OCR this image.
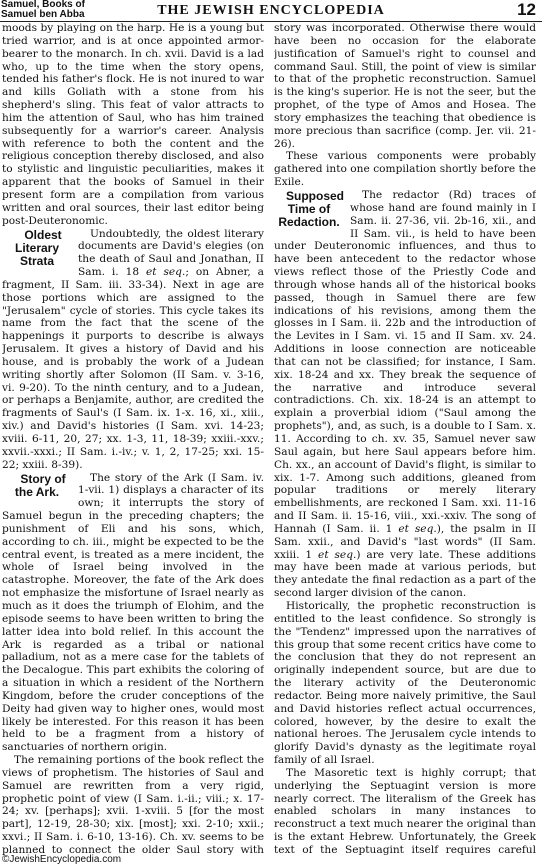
Samuel, Books of
Samuel ben Abba	THE JEWISH ENCYCLOPEDIA	12

moods by playing on the harp. He is a young but tried warrior, and is at once appointed armor-bearer to the monarch. In ch. xvii. David is a lad who, up to the time when the story opens, tended his father's flock. He is not inured to war and kills Goliath with a stone from his shepherd's sling. This feat of valor attracts to him the attention of Saul, who has him trained subsequently for a warrior's career. Analysis with reference to both the content and the religious conception thereby disclosed, and also to stylistic and linguistic peculiarities, makes it apparent that the books of Samuel in their present form are a compilation from various written and oral sources, their last editor being post-Deuteronomic.

Oldest Literary Strata
Undoubtedly, the oldest literary documents are David's elegies (on the death of Saul and Jonathan, II Sam. i. 18 et seq.; on Abner, a fragment, II Sam. iii. 33-34). Next in age are those portions which are assigned to the "Jerusalem" cycle of stories. This cycle takes its name from the fact that the scene of the happenings it purports to describe is always Jerusalem. It gives a history of David and his house, and is probably the work of a Judean writing shortly after Solomon (II Sam. v. 3-16, vi. 9-20). To the ninth century, and to a Judean, or perhaps a Benjamite, author, are credited the fragments of Saul's (I Sam. ix. 1-x. 16, xi., xiii., xiv.) and David's histories (I Sam. xvi. 14-23; xviii. 6-11, 20, 27; xx. 1-3, 11, 18-39; xxiii.-xxv.; xxvii.-xxxi.; II Sam. i.-iv.; v. 1, 2, 17-25; xxi. 15-22; xxiii. 8-39).

Story of the Ark.
The story of the Ark (I Sam. iv. 1-vii. 1) displays a character of its own; it interrupts the story of Samuel begun in the preceding chapters; the punishment of Eli and his sons, which, according to ch. iii., might be expected to be the central event, is treated as a mere incident, the whole of Israel being involved in the catastrophe. Moreover, the fate of the Ark does not emphasize the misfortune of Israel nearly as much as it does the triumph of Elohim, and the episode seems to have been written to bring the latter idea into bold relief. In this account the Ark is regarded as a tribal or national palladium, not as a mere case for the tablets of the Decalogue. This part exhibits the coloring of a situation in which a resident of the Northern Kingdom, before the cruder conceptions of the Deity had given way to higher ones, would most likely be interested. For this reason it has been held to be a fragment from a history of sanctuaries of northern origin.

The remaining portions of the book reflect the views of prophetism. The histories of Saul and Samuel are rewritten from a very rigid, prophetic point of view (I Sam. i.-ii.; viii.; x. 17-24; xv. [perhaps]; xvii. 1-xviii. 5 [for the most part], 12-19, 28-30; xix. [most]; xxi. 2-10; xxii.; xxvi.; II Sam. i. 6-10, 13-16). Ch. xv. seems to be planned to connect the older Saul story with

story was incorporated. Otherwise there would have been no occasion for the elaborate justification of Samuel's right to counsel and command Saul. Still, the point of view is similar to that of the prophetic reconstruction. Samuel is the king's superior. He is not the seer, but the prophet, of the type of Amos and Hosea. The story emphasizes the teaching that obedience is more precious than sacrifice (comp. Jer. vii. 21-26).

These various components were probably gathered into one compilation shortly before the Exile.

Supposed Time of Redaction.
The redactor (Rd) traces of whose hand are found mainly in I Sam. ii. 27-36, vii. 2b-16, xii., and II Sam. vii., is held to have been under Deuteronomic influences, and thus to have been antecedent to the redactor whose views reflect those of the Priestly Code and through whose hands all of the historical books passed, though in Samuel there are few indications of his revisions, among them the glosses in I Sam. ii. 22b and the introduction of the Levites in I Sam. vi. 15 and II Sam. xv. 24. Additions in loose connection are noticeable that can not be classified; for instance, I Sam. xix. 18-24 and xx. They break the sequence of the narrative and introduce several contradictions. Ch. xix. 18-24 is an attempt to explain a proverbial idiom ("Saul among the prophets"), and, as such, is a double to I Sam. x. 11. According to ch. xv. 35, Samuel never saw Saul again, but here Saul appears before him. Ch. xx., an account of David's flight, is similar to xix. 1-7. Among such additions, gleaned from popular traditions or merely literary embellishments, are reckoned I Sam. xxi. 11-16 and II Sam. ii. 15-16, viii., xxi.-xxiv. The song of Hannah (I Sam. ii. 1 et seq.), the psalm in II Sam. xxii., and David's "last words" (II Sam. xxiii. 1 et seq.) are very late. These additions may have been made at various periods, but they antedate the final redaction as a part of the second larger division of the canon.

Historically, the prophetic reconstruction is entitled to the least confidence. So strongly is the "Tendenz" impressed upon the narratives of this group that some recent critics have come to the conclusion that they do not represent an originally independent source, but are due to the literary activity of the Deuteronomic redactor. Being more naively primitive, the Saul and David histories reflect actual occurrences, colored, however, by the desire to exalt the national heroes. The Jerusalem cycle intends to glorify David's dynasty as the legitimate royal family of all Israel.

The Masoretic text is highly corrupt; that underlying the Septuagint version is more nearly correct. The literalism of the Greek has enabled scholars in many instances to reconstruct a text much nearer the original than is the extant Hebrew. Unfortunately, the Greek text of the Septuagint itself requires careful

©JewishEncyclopedia.com
